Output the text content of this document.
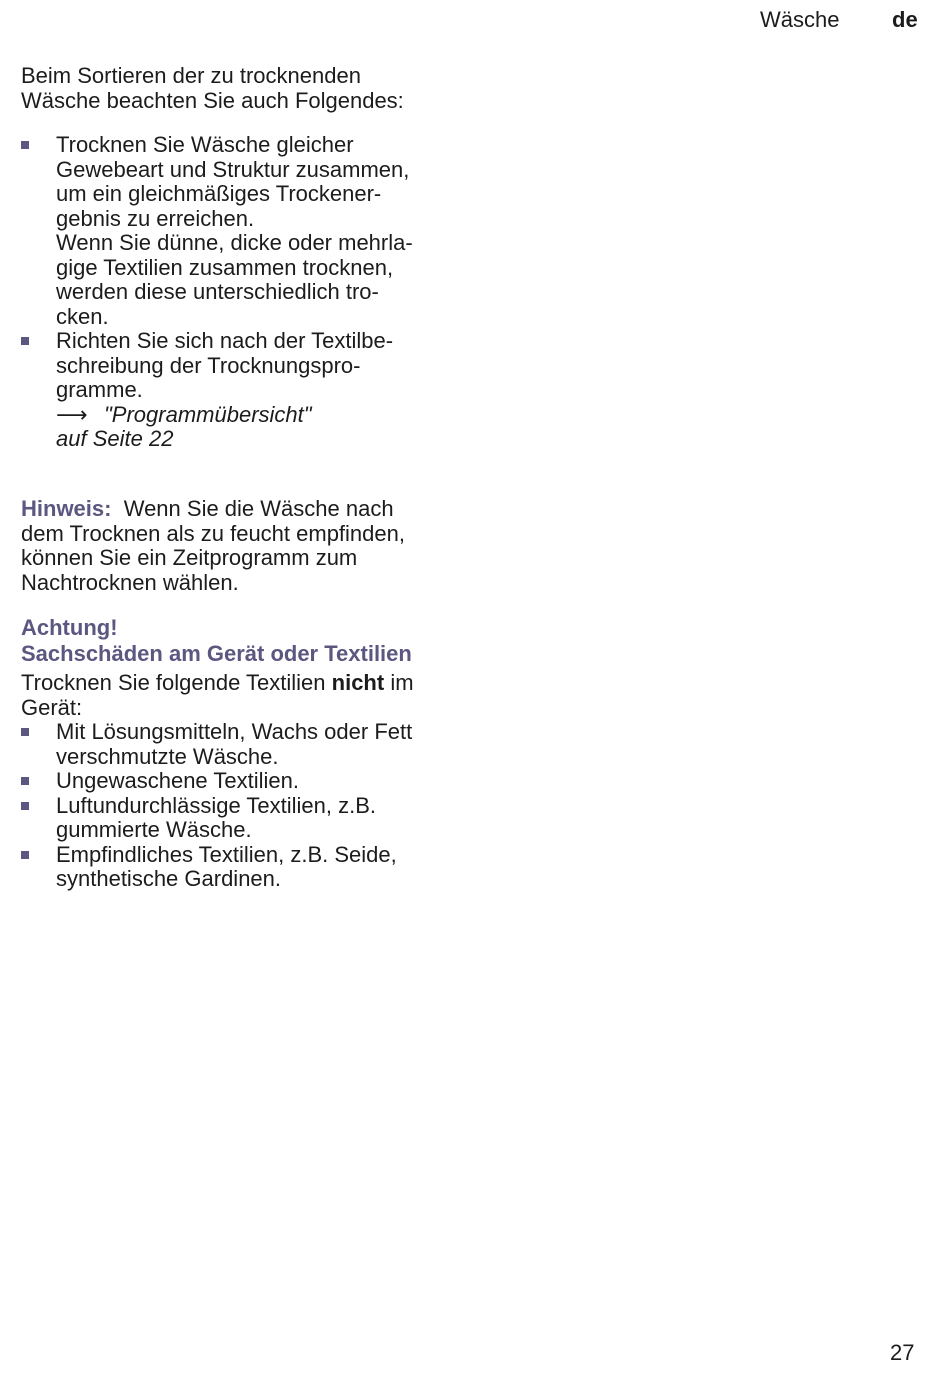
Wäsche de
Beim Sortieren der zu trocknenden
Wäsche beachten Sie auch Folgendes:
Trocknen Sie Wäsche gleicher
Gewebeart und Struktur zusammen,
um ein gleichmäßiges Trockener-
gebnis zu erreichen.
Wenn Sie dünne, dicke oder mehrla-
gige Textilien zusammen trocknen,
werden diese unterschiedlich tro-
cken.
Richten Sie sich nach der Textilbe-
schreibung der Trocknungspro-
gramme.
⟶ "Programmübersicht"
auf Seite 22
Hinweis: Wenn Sie die Wäsche nach
dem Trocknen als zu feucht empfinden,
können Sie ein Zeitprogramm zum
Nachtrocknen wählen.
Achtung!
Sachschäden am Gerät oder Textilien
Trocknen Sie folgende Textilien nicht im
Gerät:
Mit Lösungsmitteln, Wachs oder Fett
verschmutzte Wäsche.
Ungewaschene Textilien.
Luftundurchlässige Textilien, z.B.
gummierte Wäsche.
Empfindliches Textilien, z.B. Seide,
synthetische Gardinen.
27
